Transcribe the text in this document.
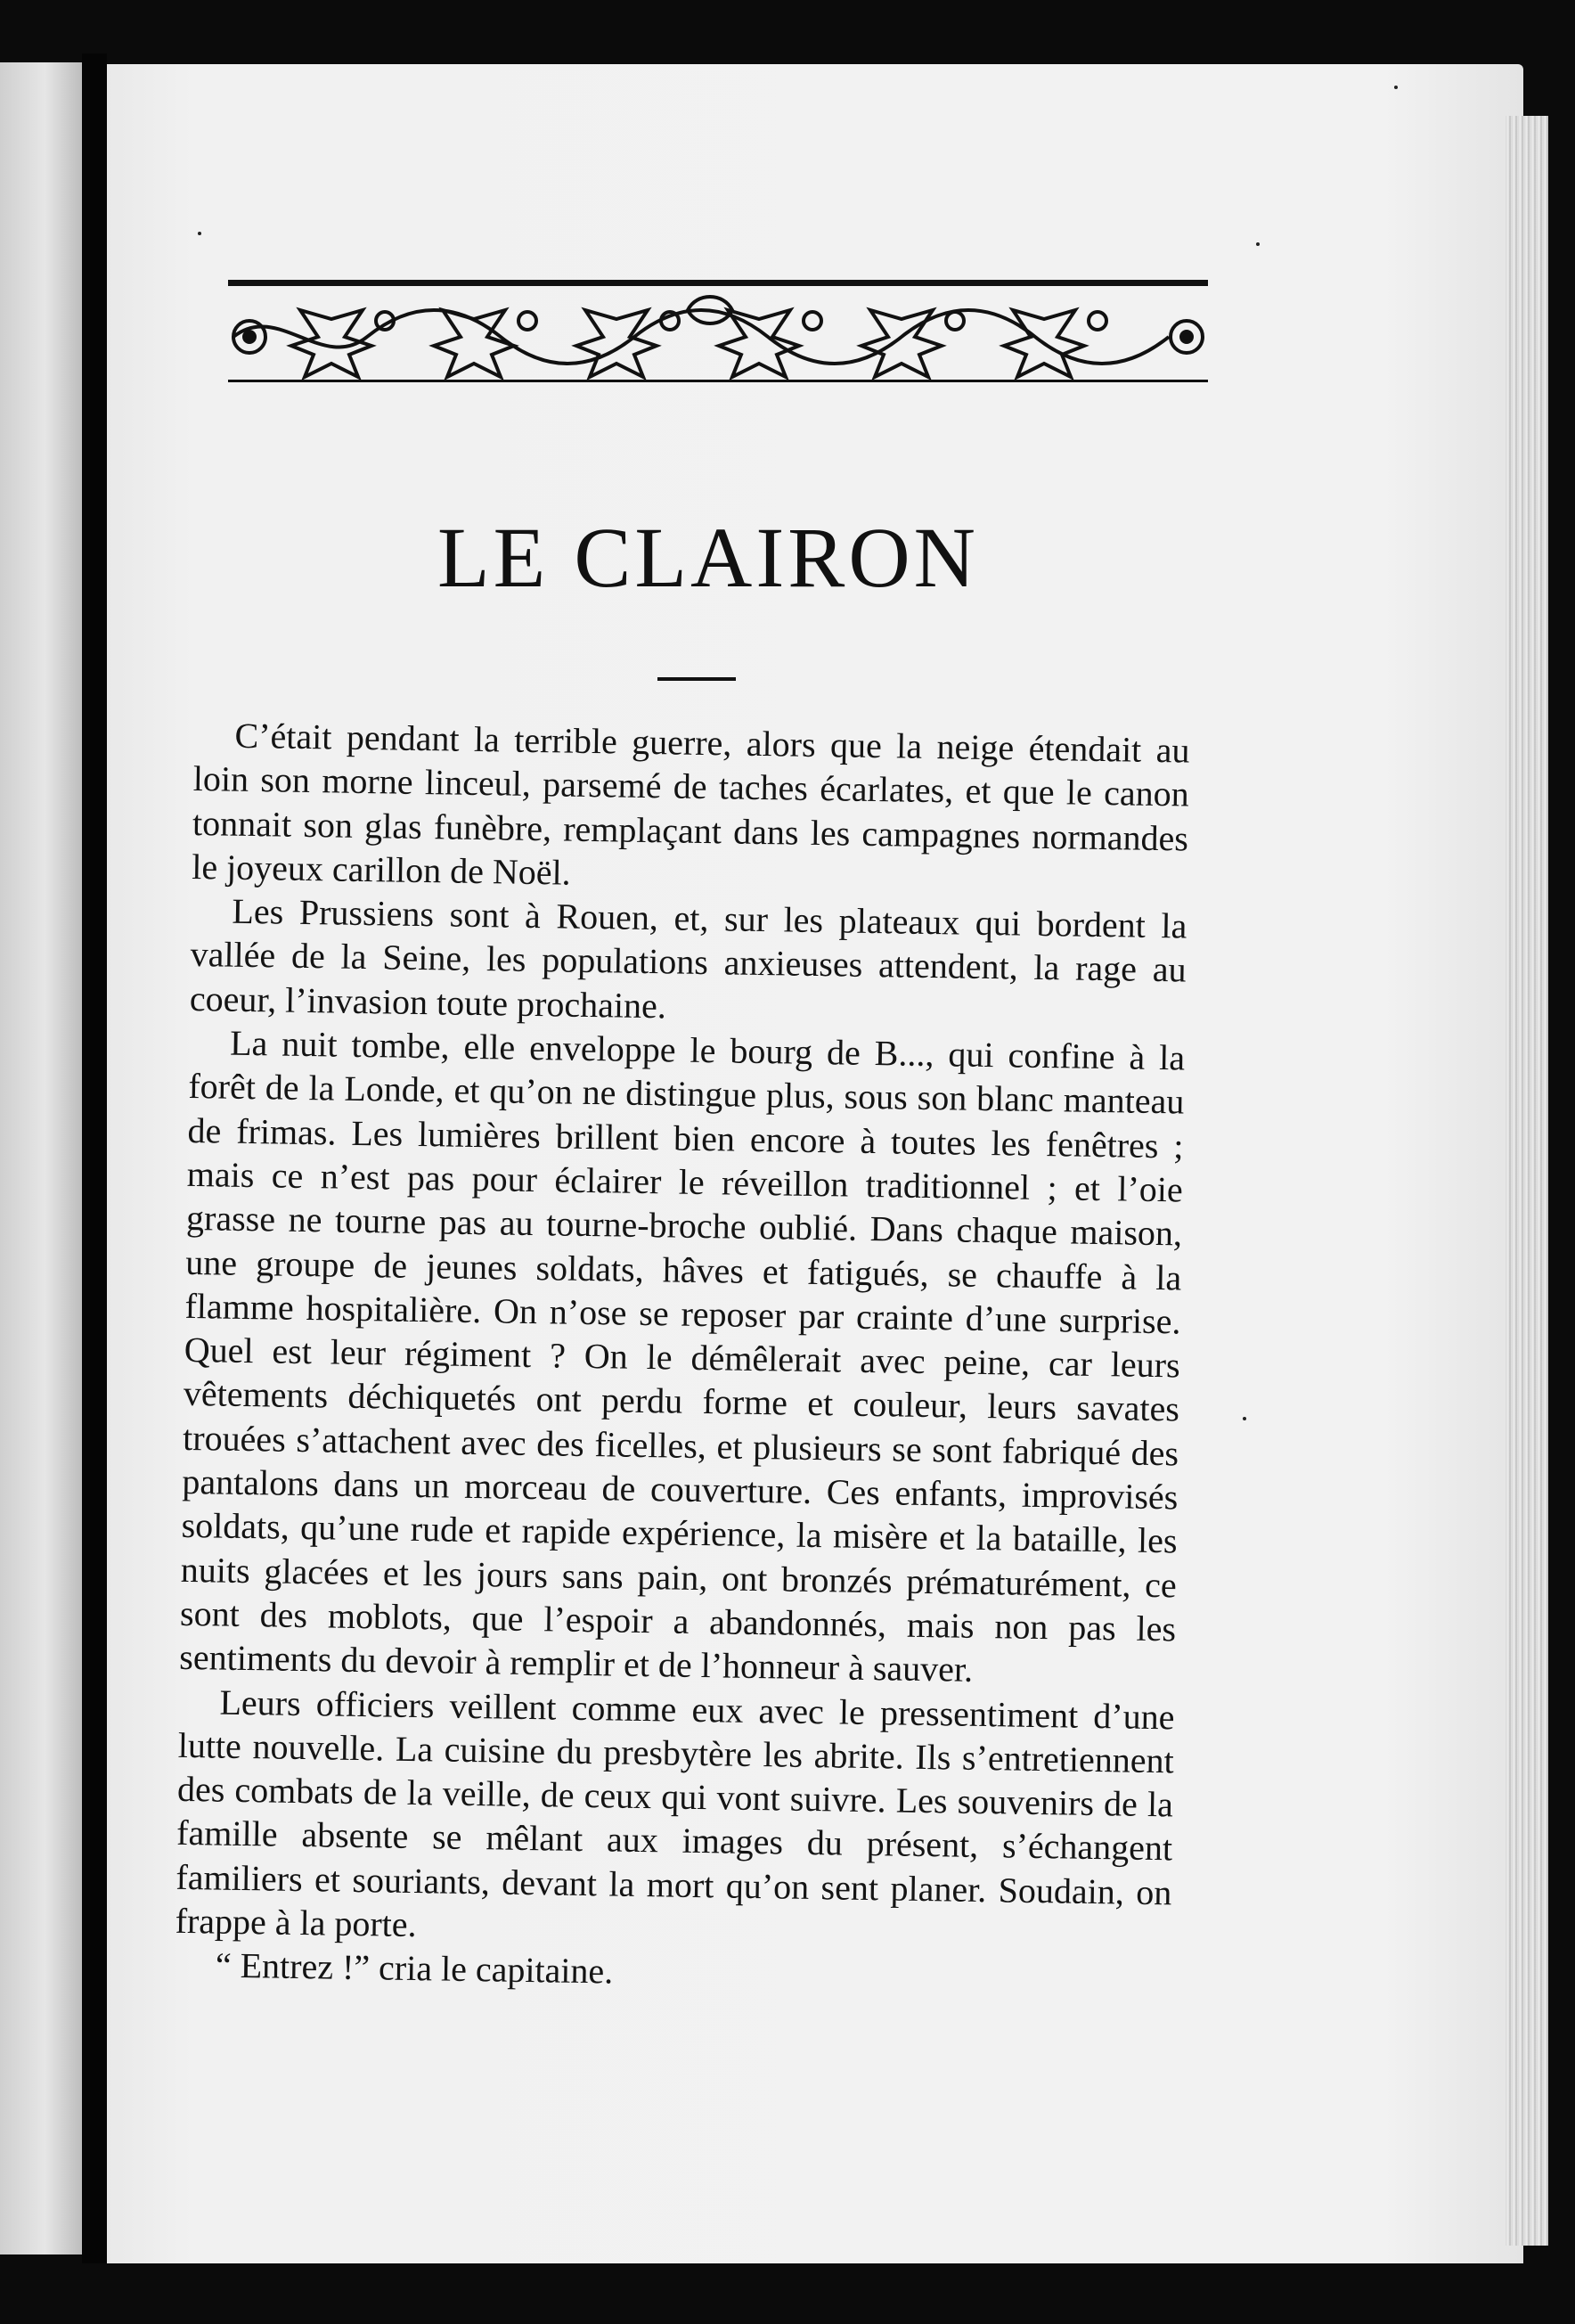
LE CLAIRON

C’était pendant la terrible guerre, alors que la neige étendait au loin son morne linceul, parsemé de taches écarlates, et que le canon tonnait son glas funèbre, remplaçant dans les campagnes normandes le joyeux carillon de Noël.

Les Prussiens sont à Rouen, et, sur les plateaux qui bordent la vallée de la Seine, les populations anxieuses attendent, la rage au coeur, l’invasion toute prochaine.

La nuit tombe, elle enveloppe le bourg de B..., qui confine à la forêt de la Londe, et qu’on ne distingue plus, sous son blanc manteau de frimas. Les lumières brillent bien encore à toutes les fenêtres ; mais ce n’est pas pour éclairer le réveillon traditionnel ; et l’oie grasse ne tourne pas au tourne-broche oublié. Dans chaque maison, une groupe de jeunes soldats, hâves et fatigués, se chauffe à la flamme hospitalière. On n’ose se reposer par crainte d’une surprise. Quel est leur régiment ? On le démêlerait avec peine, car leurs vêtements déchiquetés ont perdu forme et couleur, leurs savates trouées s’attachent avec des ficelles, et plusieurs se sont fabriqué des pantalons dans un morceau de couverture. Ces enfants, improvisés soldats, qu’une rude et rapide expérience, la misère et la bataille, les nuits glacées et les jours sans pain, ont bronzés prématurément, ce sont des moblots, que l’espoir a abandonnés, mais non pas les sentiments du devoir à remplir et de l’honneur à sauver.

Leurs officiers veillent comme eux avec le pressentiment d’une lutte nouvelle. La cuisine du presbytère les abrite. Ils s’entretiennent des combats de la veille, de ceux qui vont suivre. Les souvenirs de la famille absente se mêlant aux images du présent, s’échangent familiers et souriants, devant la mort qu’on sent planer. Soudain, on frappe à la porte.

“ Entrez !” cria le capitaine.
